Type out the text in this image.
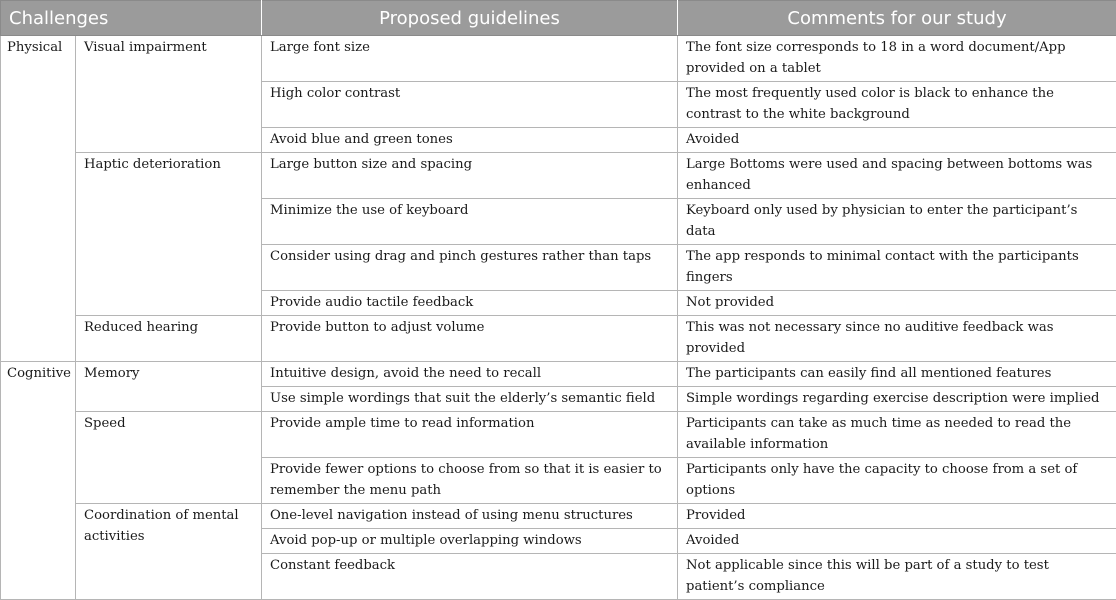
Challenges		Proposed guidelines	Comments for our study
Physical	Visual impairment	Large font size	The font size corresponds to 18 in a word document/App provided on a tablet
		High color contrast	The most frequently used color is black to enhance the contrast to the white background
		Avoid blue and green tones	Avoided
	Haptic deterioration	Large button size and spacing	Large Bottoms were used and spacing between bottoms was enhanced
		Minimize the use of keyboard	Keyboard only used by physician to enter the participant’s data
		Consider using drag and pinch gestures rather than taps	The app responds to minimal contact with the participants fingers
		Provide audio tactile feedback	Not provided
	Reduced hearing	Provide button to adjust volume	This was not necessary since no auditive feedback was provided
Cognitive	Memory	Intuitive design, avoid the need to recall	The participants can easily find all mentioned features
		Use simple wordings that suit the elderly’s semantic field	Simple wordings regarding exercise description were implied
	Speed	Provide ample time to read information	Participants can take as much time as needed to read the available information
		Provide fewer options to choose from so that it is easier to remember the menu path	Participants only have the capacity to choose from a set of options
	Coordination of mental activities	One-level navigation instead of using menu structures	Provided
		Avoid pop-up or multiple overlapping windows	Avoided
		Constant feedback	Not applicable since this will be part of a study to test patient’s compliance
